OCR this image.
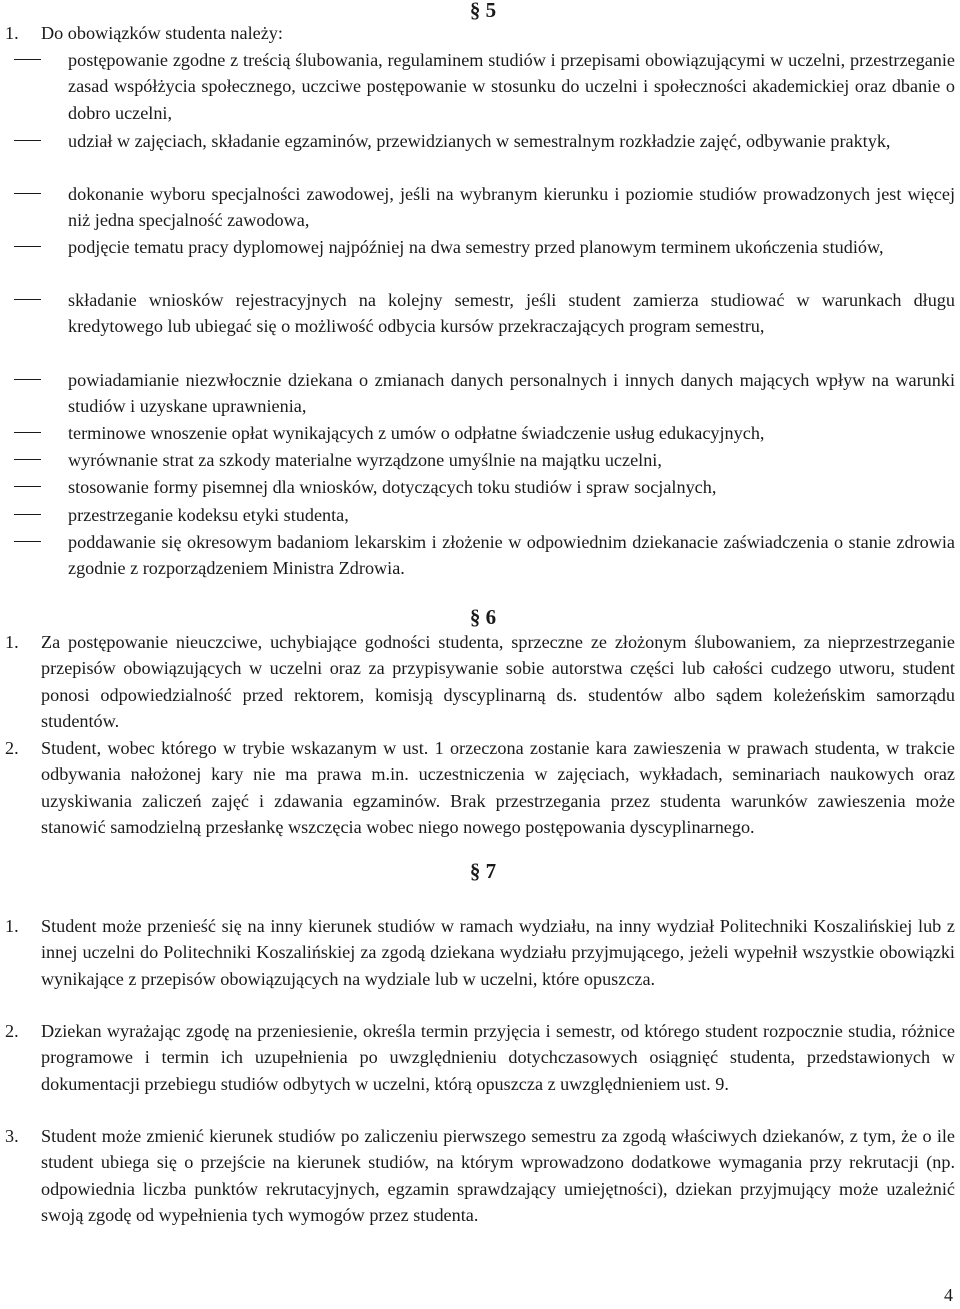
§ 5
1.	Do obowiązków studenta należy:
postępowanie zgodne z treścią ślubowania, regulaminem studiów i przepisami obowiązującymi w uczelni, przestrzeganie zasad współżycia społecznego, uczciwe postępowanie w stosunku do uczelni i społeczności akademickiej oraz dbanie o dobro uczelni,
udział w zajęciach, składanie egzaminów, przewidzianych w semestralnym rozkładzie zajęć, odbywanie praktyk,
dokonanie wyboru specjalności zawodowej, jeśli na wybranym kierunku i poziomie studiów prowadzonych jest więcej niż jedna specjalność zawodowa,
podjęcie tematu pracy dyplomowej najpóźniej na dwa semestry przed planowym terminem ukończenia studiów,
składanie wniosków rejestracyjnych na kolejny semestr, jeśli student zamierza studiować w warunkach długu kredytowego lub ubiegać się o możliwość odbycia kursów przekraczających program semestru,
powiadamianie niezwłocznie dziekana o zmianach danych personalnych i innych danych mających wpływ na warunki studiów i uzyskane uprawnienia,
terminowe wnoszenie opłat wynikających z umów o odpłatne świadczenie usług edukacyjnych,
wyrównanie strat za szkody materialne wyrządzone umyślnie na majątku uczelni,
stosowanie formy pisemnej dla wniosków, dotyczących toku studiów i spraw socjalnych,
przestrzeganie kodeksu etyki studenta,
poddawanie się okresowym badaniom lekarskim i złożenie w odpowiednim dziekanacie zaświadczenia o stanie zdrowia zgodnie z rozporządzeniem Ministra Zdrowia.
§ 6
1.	Za postępowanie nieuczciwe, uchybiające godności studenta, sprzeczne ze złożonym ślubowaniem, za nieprzestrzeganie przepisów obowiązujących w uczelni oraz za przypisywanie sobie autorstwa części lub całości cudzego utworu, student ponosi odpowiedzialność przed rektorem, komisją dyscyplinarną ds. studentów albo sądem koleżeńskim samorządu studentów.
2.	Student, wobec którego w trybie wskazanym w ust. 1 orzeczona zostanie kara zawieszenia w prawach studenta, w trakcie odbywania nałożonej kary nie ma prawa m.in. uczestniczenia w zajęciach, wykładach, seminariach naukowych oraz uzyskiwania zaliczeń zajęć i zdawania egzaminów. Brak przestrzegania przez studenta warunków zawieszenia może stanowić samodzielną przesłankę wszczęcia wobec niego nowego postępowania dyscyplinarnego.
§ 7
1.	Student może przenieść się na inny kierunek studiów w ramach wydziału, na inny wydział Politechniki Koszalińskiej lub z innej uczelni do Politechniki Koszalińskiej za zgodą dziekana wydziału przyjmującego, jeżeli wypełnił wszystkie obowiązki wynikające z przepisów obowiązujących na wydziale lub w uczelni, które opuszcza.
2.	Dziekan wyrażając zgodę na przeniesienie, określa termin przyjęcia i semestr, od którego student rozpocznie studia, różnice programowe i termin ich uzupełnienia po uwzględnieniu dotychczasowych osiągnięć studenta, przedstawionych w dokumentacji przebiegu studiów odbytych w uczelni, którą opuszcza z uwzględnieniem ust. 9.
3.	Student może zmienić kierunek studiów po zaliczeniu pierwszego semestru za zgodą właściwych dziekanów, z tym, że o ile student ubiega się o przejście na kierunek studiów, na którym wprowadzono dodatkowe wymagania przy rekrutacji (np. odpowiednia liczba punktów rekrutacyjnych, egzamin sprawdzający umiejętności), dziekan przyjmujący może uzależnić swoją zgodę od wypełnienia tych wymogów przez studenta.
4
